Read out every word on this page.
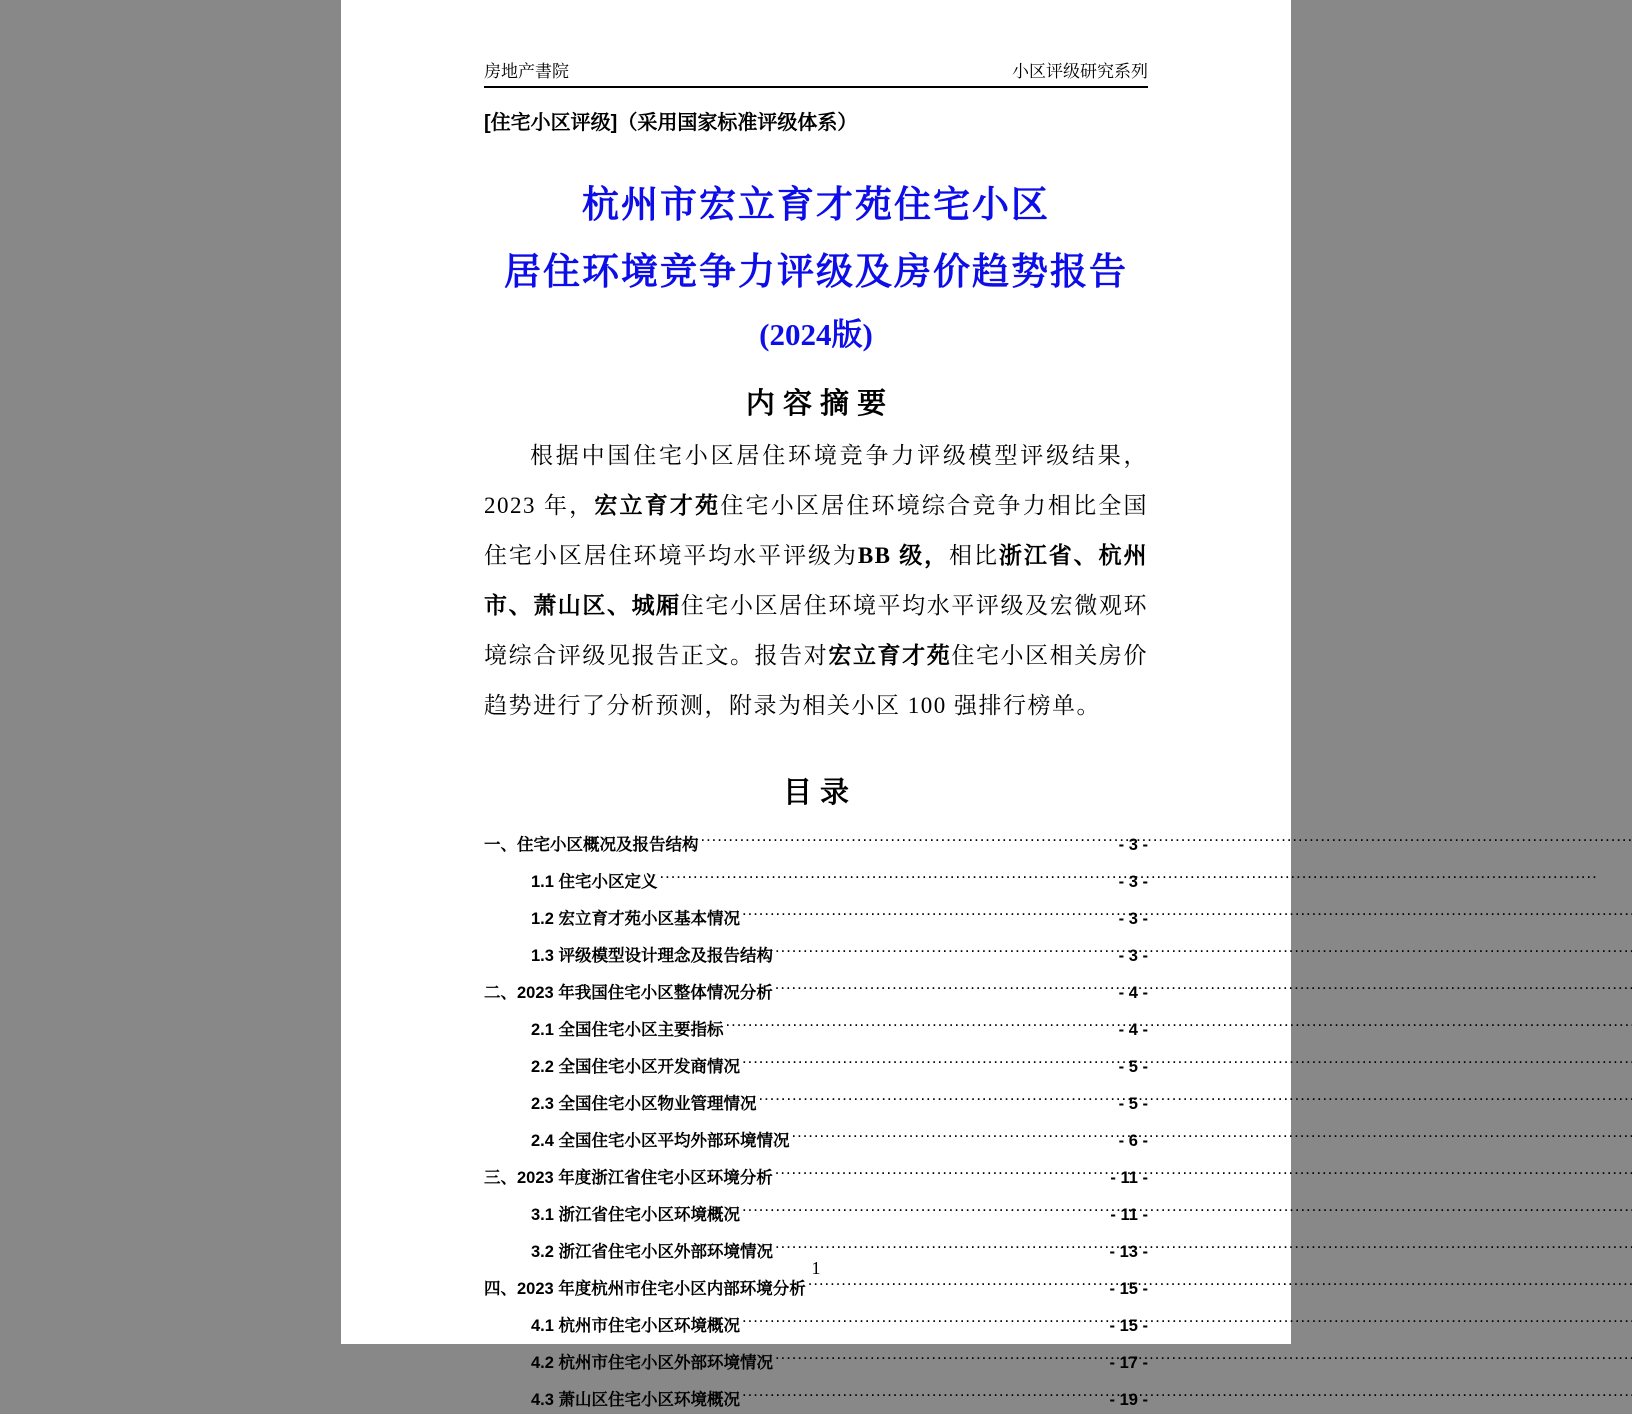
房地产書院	小区评级研究系列
[住宅小区评级]（采用国家标准评级体系）
杭州市宏立育才苑住宅小区
居住环境竞争力评级及房价趋势报告
(2024版)
内 容 摘 要
根据中国住宅小区居住环境竞争力评级模型评级结果，2023 年，宏立育才苑住宅小区居住环境综合竞争力相比全国住宅小区居住环境平均水平评级为BB 级，相比浙江省、杭州市、萧山区、城厢住宅小区居住环境平均水平评级及宏微观环境综合评级见报告正文。报告对宏立育才苑住宅小区相关房价趋势进行了分析预测，附录为相关小区 100 强排行榜单。
目 录
一、住宅小区概况及报告结构 .....	- 3 -
1.1 住宅小区定义 .....	- 3 -
1.2 宏立育才苑小区基本情况 .....	- 3 -
1.3 评级模型设计理念及报告结构 .....	- 3 -
二、2023 年我国住宅小区整体情况分析 .....	- 4 -
2.1 全国住宅小区主要指标 .....	- 4 -
2.2 全国住宅小区开发商情况 .....	- 5 -
2.3 全国住宅小区物业管理情况 .....	- 5 -
2.4 全国住宅小区平均外部环境情况 .....	- 6 -
三、2023 年度浙江省住宅小区环境分析 .....	- 11 -
3.1 浙江省住宅小区环境概况 .....	- 11 -
3.2 浙江省住宅小区外部环境情况 .....	- 13 -
四、2023 年度杭州市住宅小区内部环境分析 .....	- 15 -
4.1 杭州市住宅小区环境概况 .....	- 15 -
4.2 杭州市住宅小区外部环境情况 .....	- 17 -
4.3 萧山区住宅小区环境概况 .....	- 19 -
1
